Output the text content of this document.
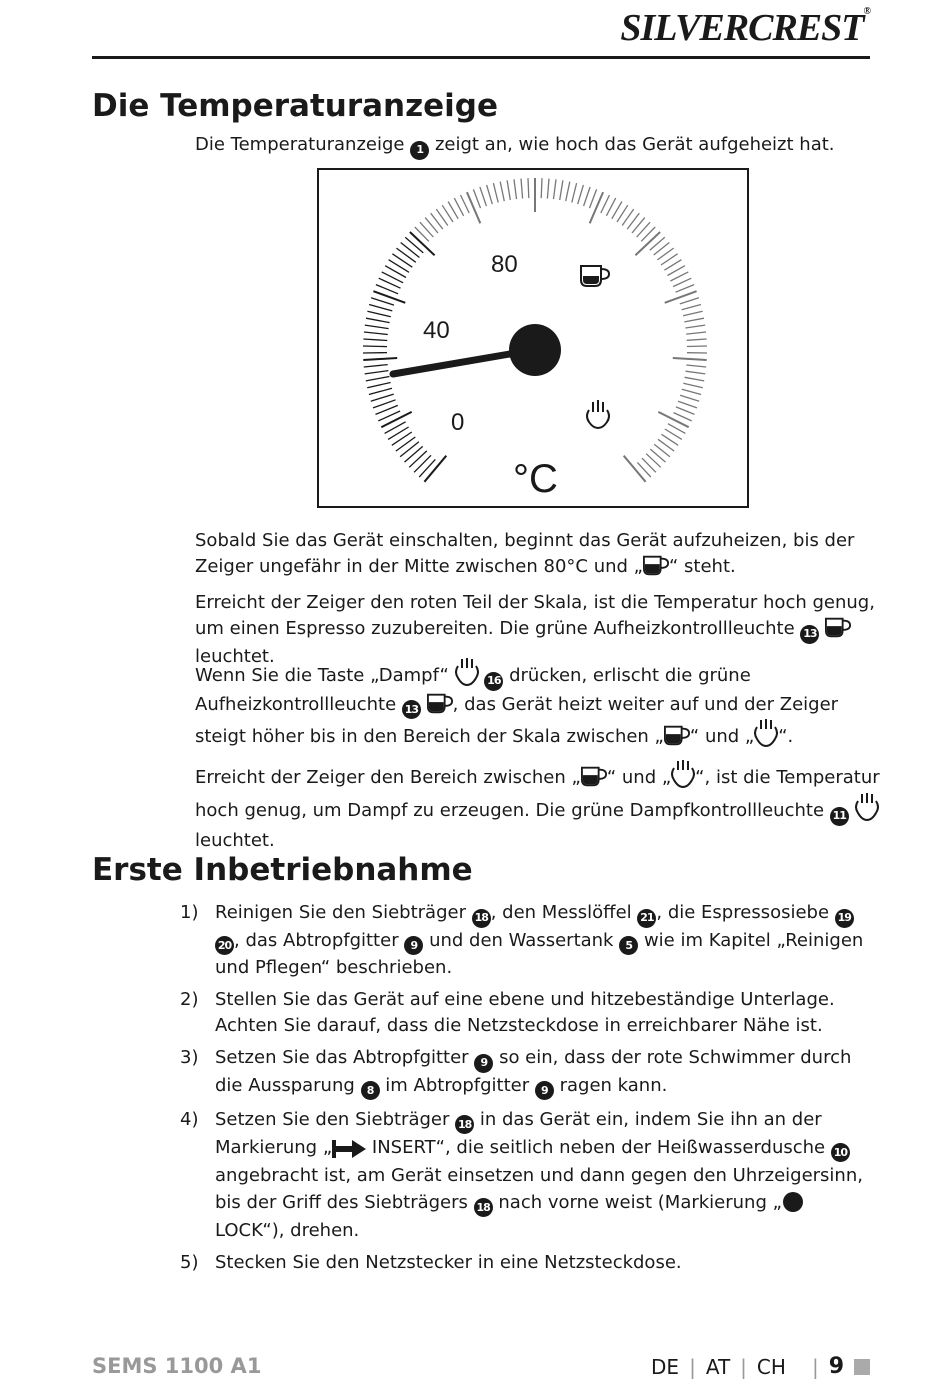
SILVERCREST®
Die Temperaturanzeige

Die Temperaturanzeige 1 zeigt an, wie hoch das Gerät aufgeheizt hat.

80
40
0
°C

Sobald Sie das Gerät einschalten, beginnt das Gerät aufzuheizen, bis der Zeiger ungefähr in der Mitte zwischen 80°C und „ “ steht.

Erreicht der Zeiger den roten Teil der Skala, ist die Temperatur hoch genug, um einen Espresso zuzubereiten. Die grüne Aufheizkontrollleuchte 13  leuchtet.

Wenn Sie die Taste „Dampf“	16 drücken, erlischt die grüne Aufheizkontrollleuchte 13 , das Gerät heizt weiter auf und der Zeiger steigt höher bis in den Bereich der Skala zwischen „ “ und „ “.

Erreicht der Zeiger den Bereich zwischen „ “ und „ “, ist die Temperatur hoch genug, um Dampf zu erzeugen. Die grüne Dampfkontrollleuchte 11  leuchtet.

Erste Inbetriebnahme
1) Reinigen Sie den Siebträger 18 , den Messlöffel 21 , die Espressosiebe 19 20 , das Abtropfgitter 9 und den Wassertank 5 wie im Kapitel „Reinigen und Pflegen“ beschrieben.
2) Stellen Sie das Gerät auf eine ebene und hitzebeständige Unterlage. Achten Sie darauf, dass die Netzsteckdose in erreichbarer Nähe ist.
3) Setzen Sie das Abtropfgitter 9 so ein, dass der rote Schwimmer durch die Aussparung 8 im Abtropfgitter 9 ragen kann.
4) Setzen Sie den Siebträger 18 in das Gerät ein, indem Sie ihn an der Markierung „ INSERT“, die seitlich neben der Heißwasserdusche 10 angebracht ist, am Gerät einsetzen und dann gegen den Uhrzeigersinn, bis der Griff des Siebträgers 18 nach vorne weist (Markierung „ LOCK“), drehen.
5) Stecken Sie den Netzstecker in eine Netzsteckdose.
SEMS 1100 A1	DE | AT | CH | 9
